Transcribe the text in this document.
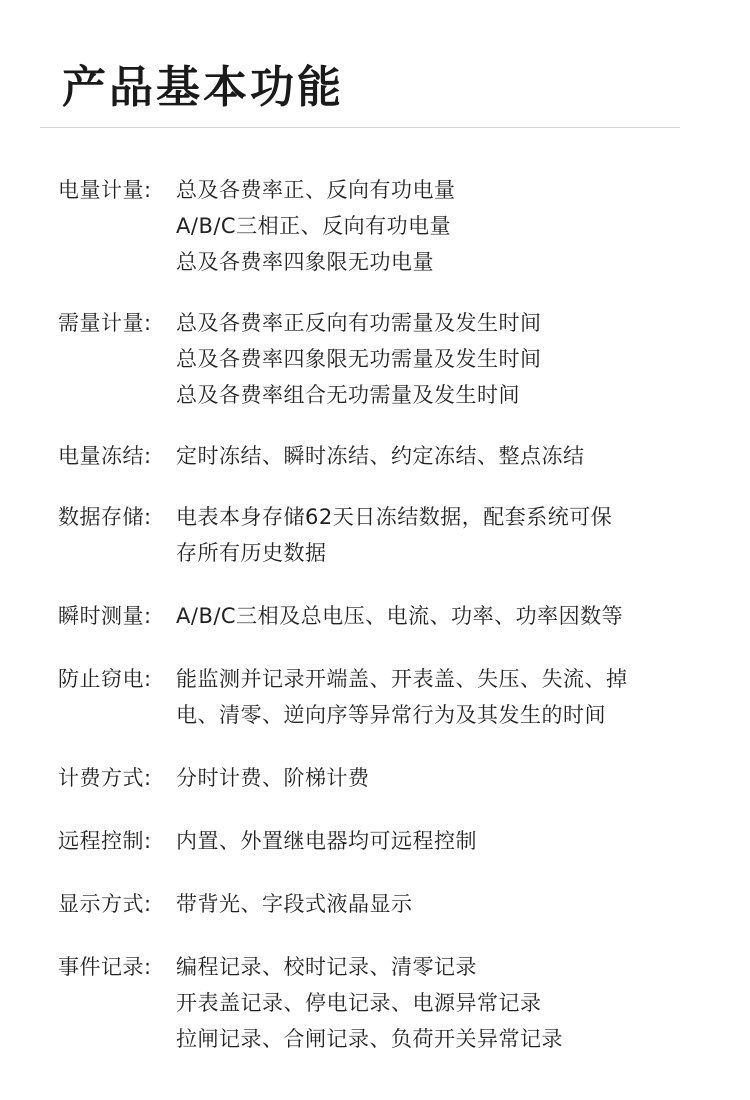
产品基本功能
电量计量:	总及各费率正、反向有功电量
A/B/C三相正、反向有功电量
总及各费率四象限无功电量
需量计量:	总及各费率正反向有功需量及发生时间
总及各费率四象限无功需量及发生时间
总及各费率组合无功需量及发生时间
电量冻结:	定时冻结、瞬时冻结、约定冻结、整点冻结
数据存储:	电表本身存储62天日冻结数据，配套系统可保
存所有历史数据
瞬时测量:	A/B/C三相及总电压、电流、功率、功率因数等
防止窃电:	能监测并记录开端盖、开表盖、失压、失流、掉
电、清零、逆向序等异常行为及其发生的时间
计费方式:	分时计费、阶梯计费
远程控制:	内置、外置继电器均可远程控制
显示方式:	带背光、字段式液晶显示
事件记录:	编程记录、校时记录、清零记录
开表盖记录、停电记录、电源异常记录
拉闸记录、合闸记录、负荷开关异常记录
